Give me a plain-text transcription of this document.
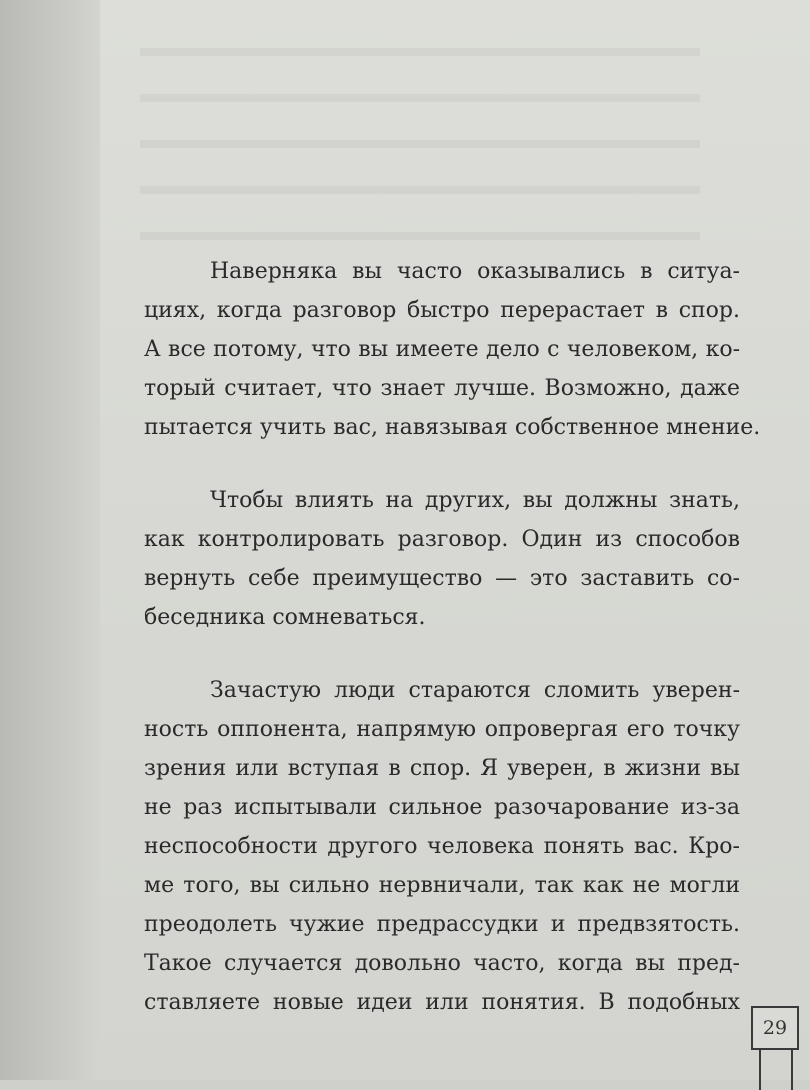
Наверняка вы часто оказывались в ситуа-
циях, когда разговор быстро перерастает в спор.
А все потому, что вы имеете дело с человеком, ко-
торый считает, что знает лучше. Возможно, даже
пытается учить вас, навязывая собственное мнение.
Чтобы влиять на других, вы должны знать,
как контролировать разговор. Один из способов
вернуть себе преимущество — это заставить со-
беседника сомневаться.
Зачастую люди стараются сломить уверен-
ность оппонента, напрямую опровергая его точку
зрения или вступая в спор. Я уверен, в жизни вы
не раз испытывали сильное разочарование из-за
неспособности другого человека понять вас. Кро-
ме того, вы сильно нервничали, так как не могли
преодолеть чужие предрассудки и предвзятость.
Такое случается довольно часто, когда вы пред-
ставляете новые идеи или понятия. В подобных
29
